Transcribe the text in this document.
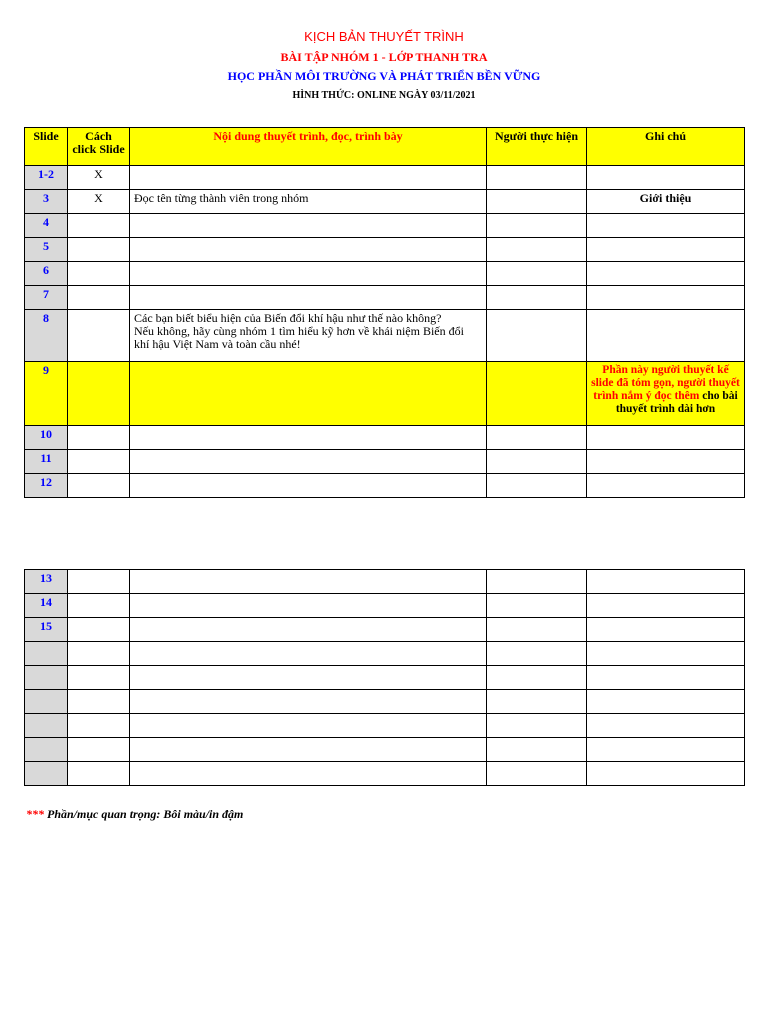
KỊCH BẢN THUYẾT TRÌNH
BÀI TẬP NHÓM 1 - LỚP THANH TRA
HỌC PHẦN MÔI TRƯỜNG VÀ PHÁT TRIỂN BỀN VỮNG
HÌNH THỨC: ONLINE NGÀY 03/11/2021
Slide	Cách click Slide	Nội dung thuyết trình, đọc, trình bày	Người thực hiện	Ghi chú
1-2	X			
3	X	Đọc tên từng thành viên trong nhóm		Giới thiệu
4				
5				
6				
7				
8		Các bạn biết biểu hiện của Biến đổi khí hậu như thế nào không?
Nếu không, hãy cùng nhóm 1 tìm hiểu kỹ hơn về khái niệm Biến đổi khí hậu Việt Nam và toàn cầu nhé!		
9				Phần này người thuyết kế slide đã tóm gọn, người thuyết trình nắm ý đọc thêm cho bài thuyết trình dài hơn
10				
11				
12				
13				
14				
15				

*** Phần/mục quan trọng: Bôi màu/in đậm
